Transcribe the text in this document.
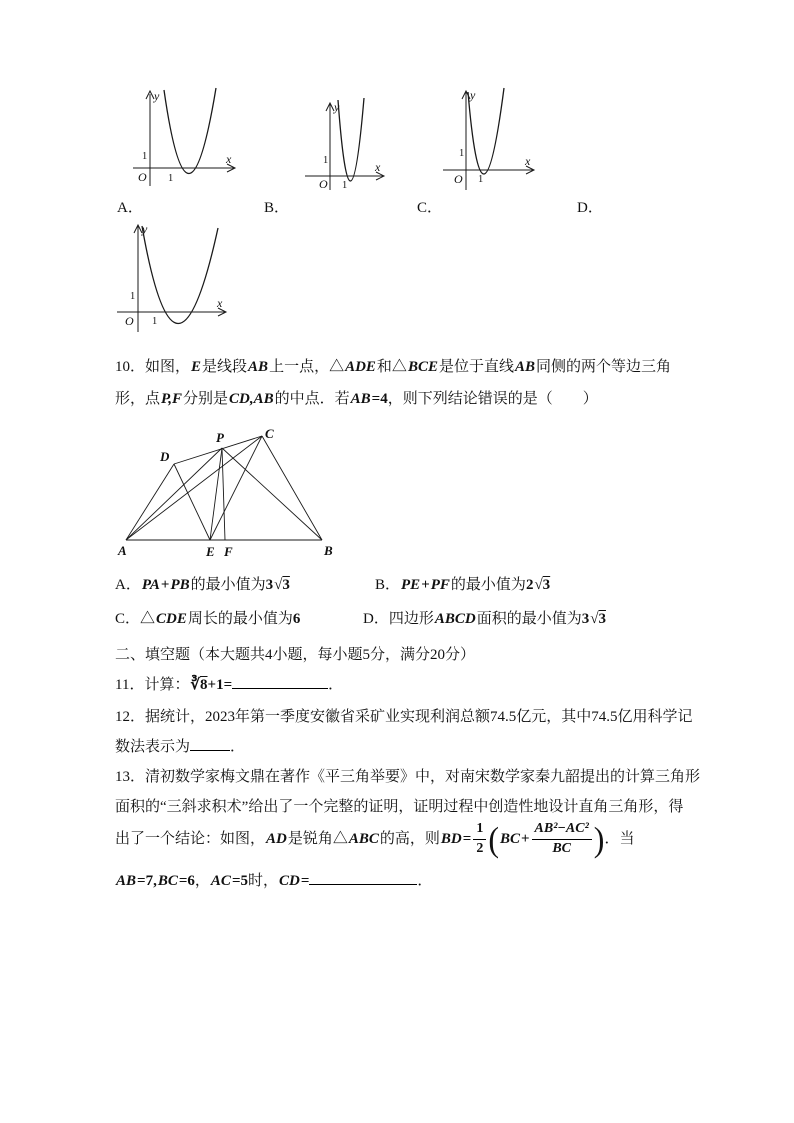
y
x
O
1
1
A．
y
x
O
1
1
B．
y
x
O
1
1
C．	D．
y
x
O
1
1
10．如图，E是线段AB上一点，△ADE和△BCE是位于直线AB同侧的两个等边三角
形，点P,F分别是CD,AB的中点．若AB=4，则下列结论错误的是（　　）
A	E F	B
D
P	C
A．PA+PB的最小值为3√3	B．PE+PF的最小值为2√3
C．△CDE周长的最小值为6	D．四边形ABCD面积的最小值为3√3
二、填空题（本大题共4小题，每小题5分，满分20分）
11．计算：∛8+1=	．
12．据统计，2023年第一季度安徽省采矿业实现利润总额74.5亿元，其中74.5亿用科学记
数法表示为	．
13．清初数学家梅文鼎在著作《平三角举要》中，对南宋数学家秦九韶提出的计算三角形
面积的“三斜求积术”给出了一个完整的证明，证明过程中创造性地设计直角三角形，得
出了一个结论：如图，AD是锐角△ABC的高，则$BD= \frac{1}{2}$ ( BC + $\frac{\text{AB²−AC²}}{BC}$ ) ．当
AB=7,BC=6，AC=5时，CD=	．
